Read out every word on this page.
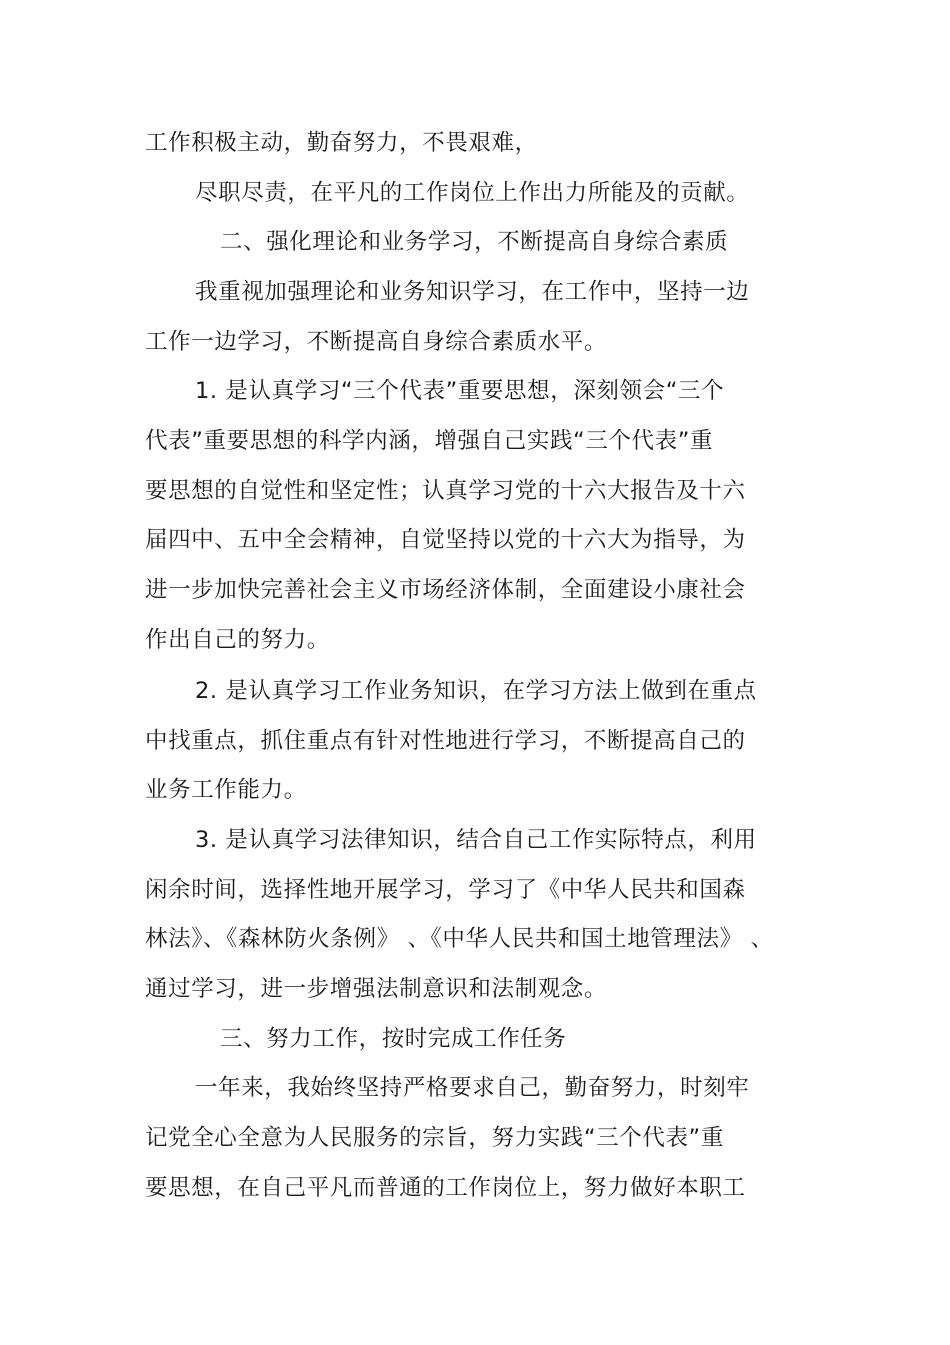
工作积极主动，勤奋努力，不畏艰难，
尽职尽责，在平凡的工作岗位上作出力所能及的贡献。
二、强化理论和业务学习，不断提高自身综合素质
我重视加强理论和业务知识学习，在工作中，坚持一边
工作一边学习，不断提高自身综合素质水平。
1. 是认真学习“三个代表”重要思想，深刻领会“三个
代表”重要思想的科学内涵，增强自己实践“三个代表”重
要思想的自觉性和坚定性；认真学习党的十六大报告及十六
届四中、五中全会精神，自觉坚持以党的十六大为指导，为
进一步加快完善社会主义市场经济体制，全面建设小康社会
作出自己的努力。
2. 是认真学习工作业务知识，在学习方法上做到在重点
中找重点，抓住重点有针对性地进行学习，不断提高自己的
业务工作能力。
3. 是认真学习法律知识，结合自己工作实际特点，利用
闲余时间，选择性地开展学习，学习了《中华人民共和国森
林法》、《森林防火条例》 、《中华人民共和国土地管理法》 、
通过学习，进一步增强法制意识和法制观念。
三、努力工作，按时完成工作任务
一年来，我始终坚持严格要求自己，勤奋努力，时刻牢
记党全心全意为人民服务的宗旨，努力实践“三个代表”重
要思想，在自己平凡而普通的工作岗位上，努力做好本职工
